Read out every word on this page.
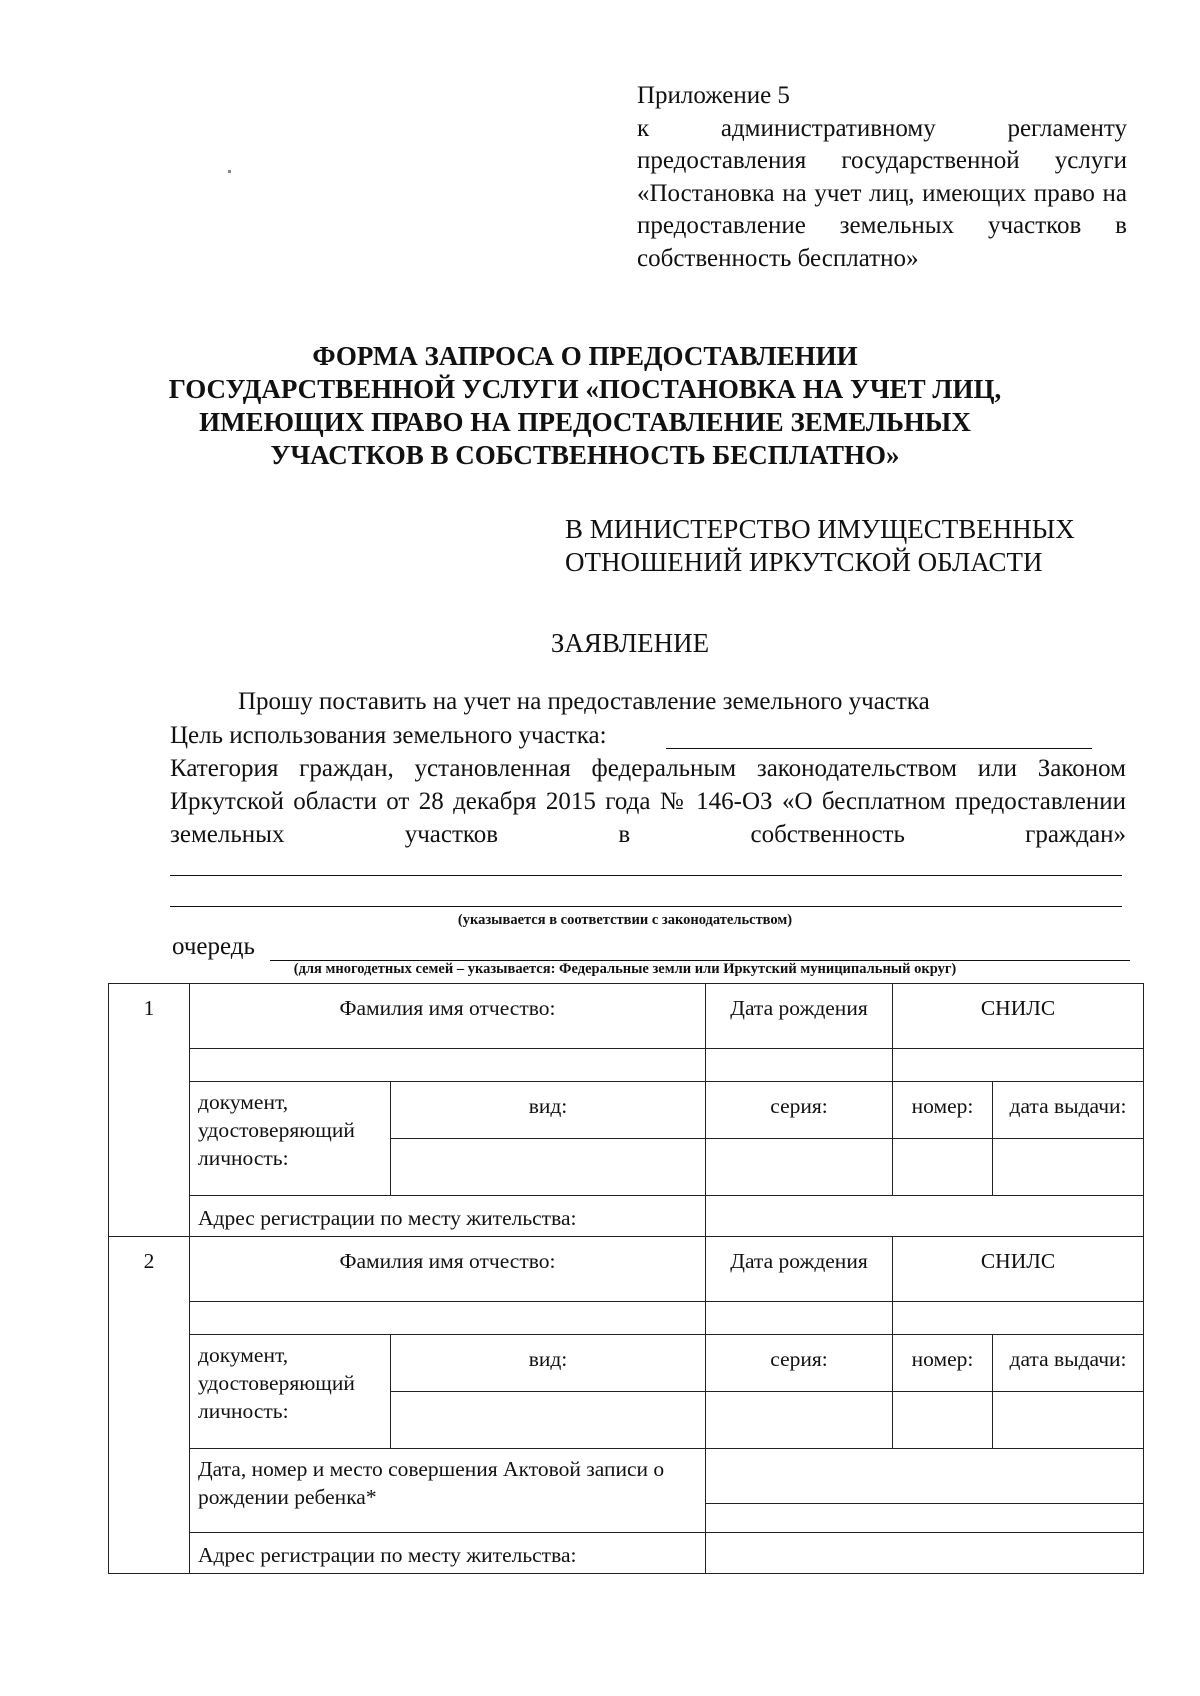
Приложение 5
к административному регламенту предоставления государственной услуги «Постановка на учет лиц, имеющих право на предоставление земельных участков в собственность бесплатно»
ФОРМА ЗАПРОСА О ПРЕДОСТАВЛЕНИИ
ГОСУДАРСТВЕННОЙ УСЛУГИ «ПОСТАНОВКА НА УЧЕТ ЛИЦ,
ИМЕЮЩИХ ПРАВО НА ПРЕДОСТАВЛЕНИЕ ЗЕМЕЛЬНЫХ
УЧАСТКОВ В СОБСТВЕННОСТЬ БЕСПЛАТНО»
В МИНИСТЕРСТВО ИМУЩЕСТВЕННЫХ
ОТНОШЕНИЙ ИРКУТСКОЙ ОБЛАСТИ
ЗАЯВЛЕНИЕ
Прошу поставить на учет на предоставление земельного участка
Цель использования земельного участка:
Категория граждан, установленная федеральным законодательством или Законом Иркутской области от 28 декабря 2015 года № 146-ОЗ «О бесплатном предоставлении земельных участков в собственность граждан»
(указывается в соответствии с законодательством)
очередь
(для многодетных семей – указывается: Федеральные земли или Иркутский муниципальный округ)
1	Фамилия имя отчество:		Дата рождения	СНИЛС	

	документ, удостоверяющий личность:	вид:	серия:	номер:	дата выдачи:

	Адрес регистрации по месту жительства:				
2	Фамилия имя отчество:		Дата рождения	СНИЛС	

	документ, удостоверяющий личность:	вид:	серия:	номер:	дата выдачи:

	Дата, номер и место совершения Актовой записи о рождении ребенка*				

	Адрес регистрации по месту жительства:				
